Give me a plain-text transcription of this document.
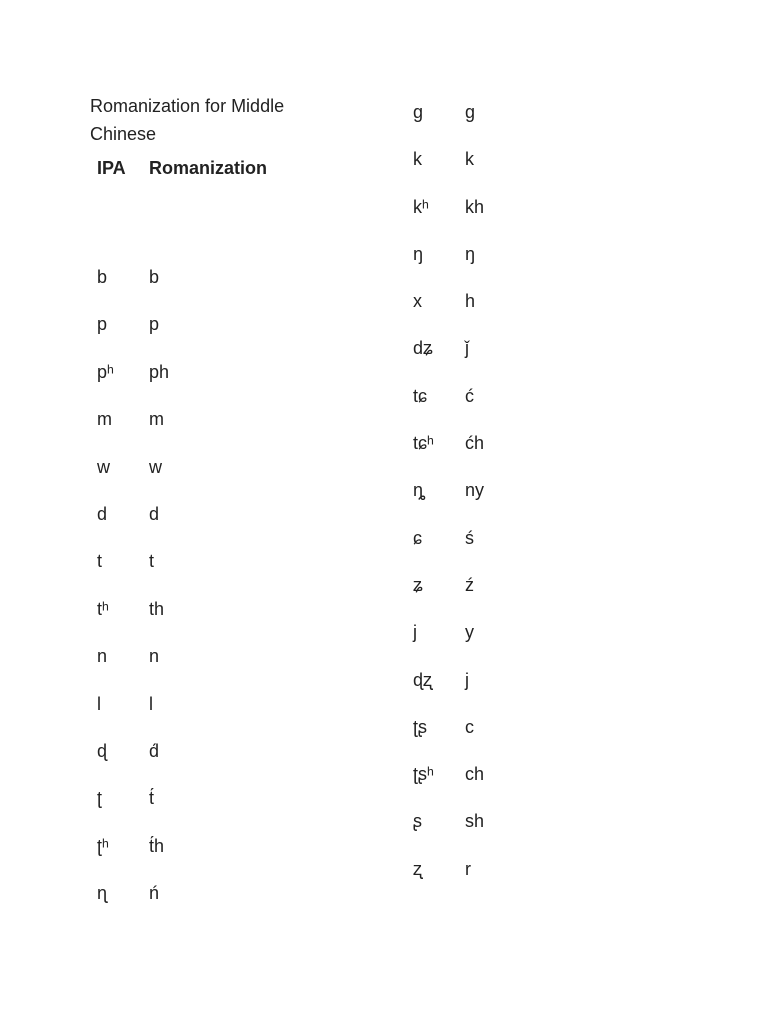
Romanization for Middle Chinese
IPA Romanization
b b
p p
pʰ ph
m m
w w
d d
t	t
tʰ th
n n
l	l
ɖ d́
ʈ	t́
ʈʰ t́h
ɳ ń
g g
k k
kʰ kh
ŋ ŋ
x h
dʑ ǰ
tɕ ć
tɕʰ ćh
ȵ ny
ɕ ś
ʑ ź
j	y
ɖʐ j
ʈʂ c
ʈʂʰ ch
ʂ sh
ʐ r
